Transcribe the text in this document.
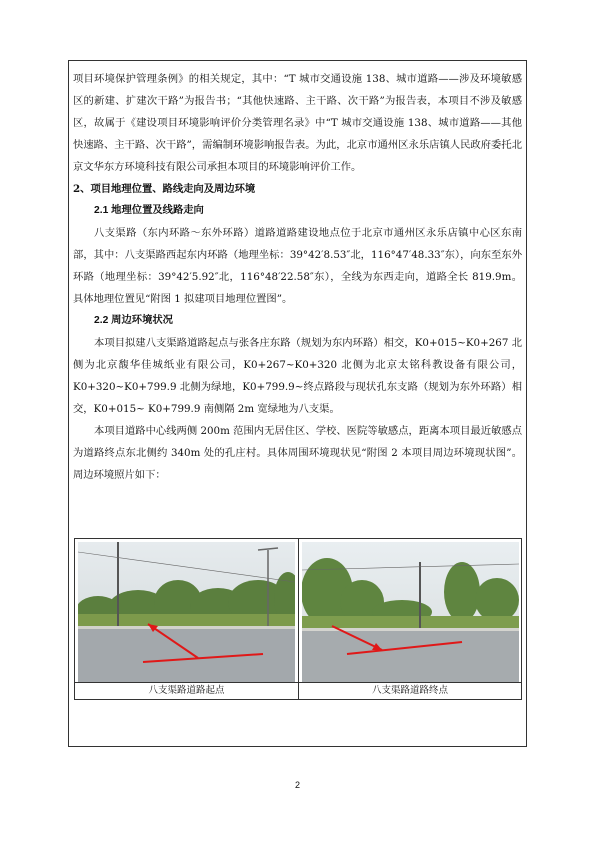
项目环境保护管理条例》的相关规定，其中：“T 城市交通设施 138、城市道路——涉及环境敏感区的新建、扩建次干路”为报告书；“其他快速路、主干路、次干路”为报告表，本项目不涉及敏感区，故属于《建设项目环境影响评价分类管理名录》中“T 城市交通设施 138、城市道路——其他快速路、主干路、次干路”，需编制环境影响报告表。为此，北京市通州区永乐店镇人民政府委托北京文华东方环境科技有限公司承担本项目的环境影响评价工作。

2、项目地理位置、路线走向及周边环境

2.1 地理位置及线路走向

八支渠路（东内环路～东外环路）道路道路建设地点位于北京市通州区永乐店镇中心区东南部，其中：八支渠路西起东内环路（地理坐标：39°42′8.53″北，116°47′48.33″东），向东至东外环路（地理坐标：39°42′5.92″北，116°48′22.58″东），全线为东西走向，道路全长 819.9m。具体地理位置见“附图 1 拟建项目地理位置图”。

2.2 周边环境状况

本项目拟建八支渠路道路起点与张各庄东路（规划为东内环路）相交，K0+015~K0+267 北侧为北京馥华佳城纸业有限公司，K0+267~K0+320 北侧为北京太铭科教设备有限公司，K0+320~K0+799.9 北侧为绿地，K0+799.9~终点路段与现状孔东支路（规划为东外环路）相交，K0+015~ K0+799.9 南侧隔 2m 宽绿地为八支渠。

本项目道路中心线两侧 200m 范围内无居住区、学校、医院等敏感点，距离本项目最近敏感点为道路终点东北侧约 340m 处的孔庄村。具体周围环境现状见“附图 2 本项目周边环境现状图”。周边环境照片如下：

八支渠路道路起点	八支渠路道路终点
2
